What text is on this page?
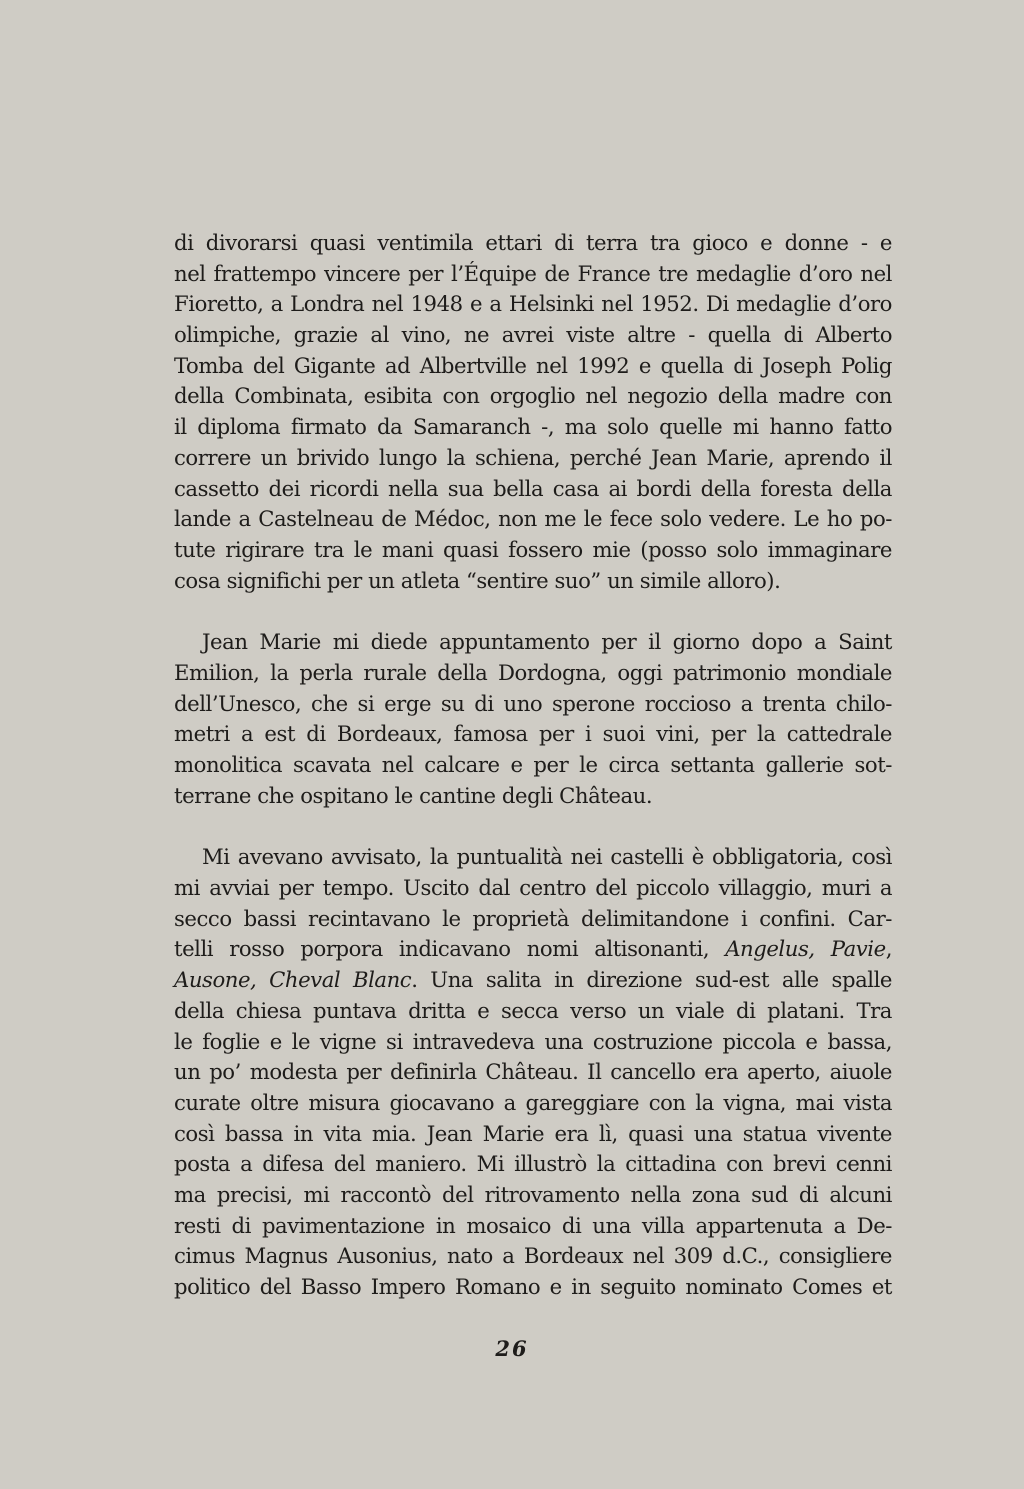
di divorarsi quasi ventimila ettari di terra tra gioco e donne - e
nel frattempo vincere per l’Équipe de France tre medaglie d’oro nel
Fioretto, a Londra nel 1948 e a Helsinki nel 1952. Di medaglie d’oro
olimpiche, grazie al vino, ne avrei viste altre - quella di Alberto
Tomba del Gigante ad Albertville nel 1992 e quella di Joseph Polig
della Combinata, esibita con orgoglio nel negozio della madre con
il diploma firmato da Samaranch -, ma solo quelle mi hanno fatto
correre un brivido lungo la schiena, perché Jean Marie, aprendo il
cassetto dei ricordi nella sua bella casa ai bordi della foresta della
lande a Castelneau de Médoc, non me le fece solo vedere. Le ho po-
tute rigirare tra le mani quasi fossero mie (posso solo immaginare
cosa significhi per un atleta “sentire suo” un simile alloro).
Jean Marie mi diede appuntamento per il giorno dopo a Saint
Emilion, la perla rurale della Dordogna, oggi patrimonio mondiale
dell’Unesco, che si erge su di uno sperone roccioso a trenta chilo-
metri a est di Bordeaux, famosa per i suoi vini, per la cattedrale
monolitica scavata nel calcare e per le circa settanta gallerie sot-
terrane che ospitano le cantine degli Château.
Mi avevano avvisato, la puntualità nei castelli è obbligatoria, così
mi avviai per tempo. Uscito dal centro del piccolo villaggio, muri a
secco bassi recintavano le proprietà delimitandone i confini. Car-
telli rosso porpora indicavano nomi altisonanti, Angelus, Pavie,
Ausone, Cheval Blanc. Una salita in direzione sud-est alle spalle
della chiesa puntava dritta e secca verso un viale di platani. Tra
le foglie e le vigne si intravedeva una costruzione piccola e bassa,
un po’ modesta per definirla Château. Il cancello era aperto, aiuole
curate oltre misura giocavano a gareggiare con la vigna, mai vista
così bassa in vita mia. Jean Marie era lì, quasi una statua vivente
posta a difesa del maniero. Mi illustrò la cittadina con brevi cenni
ma precisi, mi raccontò del ritrovamento nella zona sud di alcuni
resti di pavimentazione in mosaico di una villa appartenuta a De-
cimus Magnus Ausonius, nato a Bordeaux nel 309 d.C., consigliere
politico del Basso Impero Romano e in seguito nominato Comes et
26
